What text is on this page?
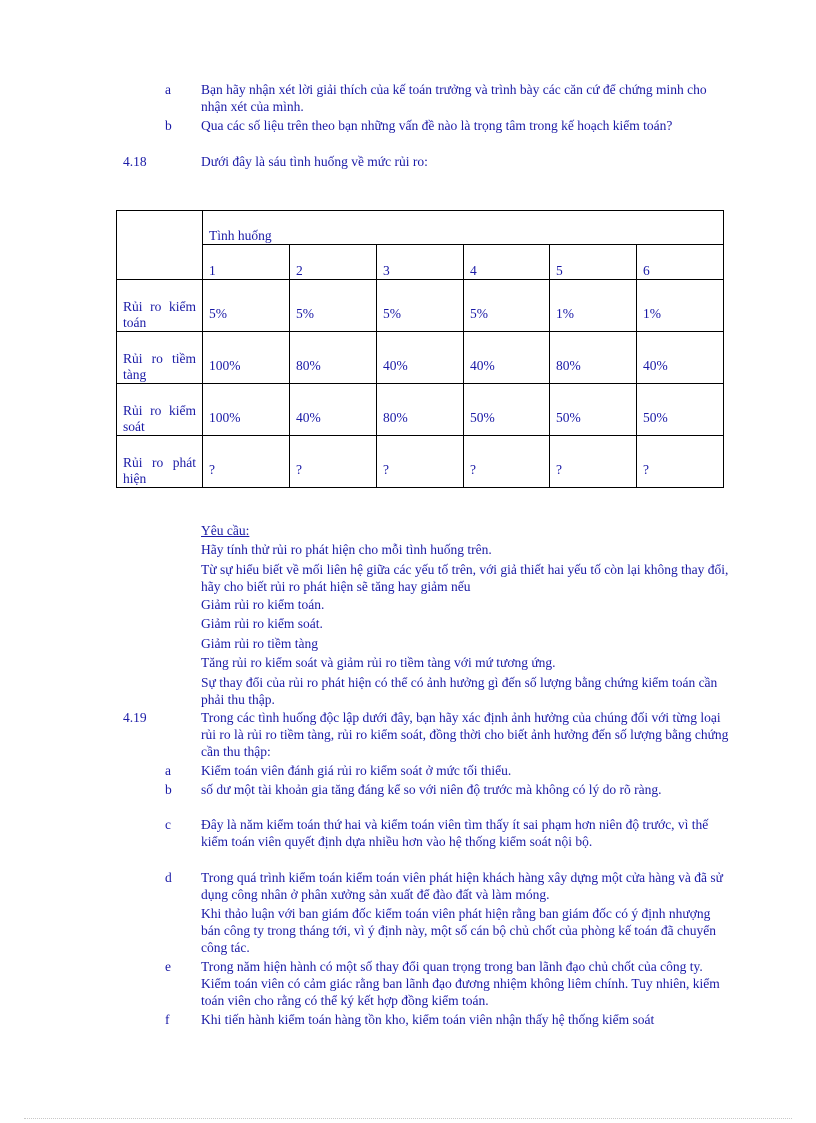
a Bạn hãy nhận xét lời giải thích của kế toán trưởng và trình bày các căn cứ để chứng minh cho nhận xét của mình.
b Qua các số liệu trên theo bạn những vấn đề nào là trọng tâm trong kế hoạch kiểm toán?
4.18	Dưới đây là sáu tình huống về mức rủi ro:
	Tình huống					
	1	2	3	4	5	6
Rủi ro kiểm toán	5%	5%	5%	5%	1%	1%
Rủi ro tiềm tàng	100%	80%	40%	40%	80%	40%
Rủi ro kiểm soát	100%	40%	80%	50%	50%	50%
Rủi ro phát hiện	?	?	?	?	?	?
Yêu cầu:
Hãy tính thử rủi ro phát hiện cho mỗi tình huống trên.
Từ sự hiểu biết về mối liên hệ giữa các yếu tố trên, với giả thiết hai yếu tố còn lại không thay đổi, hãy cho biết rủi ro phát hiện sẽ tăng hay giảm nếu
Giảm rủi ro kiểm toán.
Giảm rủi ro kiểm soát.
Giảm rủi ro tiềm tàng
Tăng rủi ro kiểm soát và giảm rủi ro tiềm tàng với mứ tương ứng.
Sự thay đổi của rủi ro phát hiện có thể có ảnh hưởng gì đến số lượng bằng chứng kiểm toán cần phải thu thập.
4.19	Trong các tình huống độc lập dưới đây, bạn hãy xác định ảnh hưởng của chúng đối với từng loại rủi ro là rủi ro tiềm tàng, rủi ro kiểm soát, đồng thời cho biết ảnh hưởng đến số lượng bằng chứng cần thu thập:
a Kiểm toán viên đánh giá rủi ro kiểm soát ở mức tối thiểu.
b số dư một tài khoản gia tăng đáng kể so với niên độ trước mà không có lý do rõ ràng.
c Đây là năm kiểm toán thứ hai và kiểm toán viên tìm thấy ít sai phạm hơn niên độ trước, vì thế kiểm toán viên quyết định dựa nhiều hơn vào hệ thống kiểm soát nội bộ.
d Trong quá trình kiểm toán kiểm toán viên phát hiện khách hàng xây dựng một cửa hàng và đã sử dụng công nhân ở phân xưởng sản xuất để đào đất và làm móng.
Khi thảo luận với ban giám đốc kiểm toán viên phát hiện rằng ban giám đốc có ý định nhượng bán công ty trong tháng tới, vì ý định này, một số cán bộ chủ chốt của phòng kế toán đã chuyển công tác.
e Trong năm hiện hành có một số thay đổi quan trọng trong ban lãnh đạo chủ chốt của công ty. Kiểm toán viên có cảm giác rằng ban lãnh đạo đương nhiệm không liêm chính. Tuy nhiên, kiểm toán viên cho rằng có thể ký kết hợp đồng kiểm toán.
f Khi tiến hành kiểm toán hàng tồn kho, kiểm toán viên nhận thấy hệ thống kiểm soát
